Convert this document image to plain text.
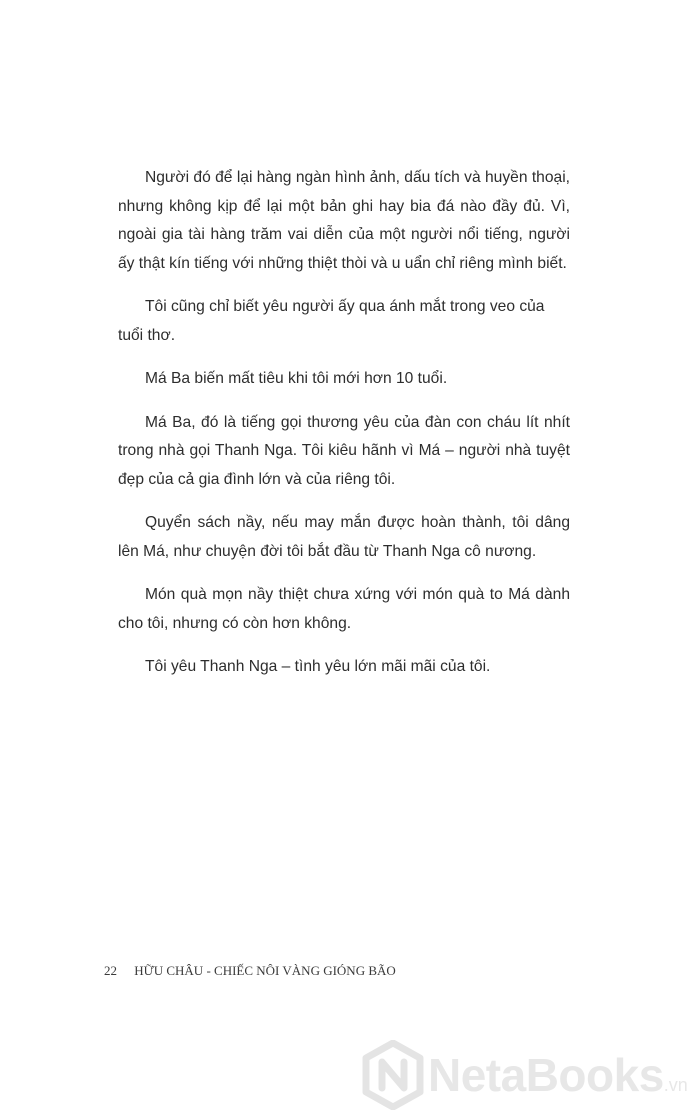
Người đó để lại hàng ngàn hình ảnh, dấu tích và huyền thoại, nhưng không kịp để lại một bản ghi hay bia đá nào đầy đủ. Vì, ngoài gia tài hàng trăm vai diễn của một người nổi tiếng, người ấy thật kín tiếng với những thiệt thòi và u uẩn chỉ riêng mình biết.

Tôi cũng chỉ biết yêu người ấy qua ánh mắt trong veo của tuổi thơ.

Má Ba biến mất tiêu khi tôi mới hơn 10 tuổi.

Má Ba, đó là tiếng gọi thương yêu của đàn con cháu lít nhít trong nhà gọi Thanh Nga. Tôi kiêu hãnh vì Má – người nhà tuyệt đẹp của cả gia đình lớn và của riêng tôi.

Quyển sách nầy, nếu may mắn được hoàn thành, tôi dâng lên Má, như chuyện đời tôi bắt đầu từ Thanh Nga cô nương.

Món quà mọn nầy thiệt chưa xứng với món quà to Má dành cho tôi, nhưng có còn hơn không.

Tôi yêu Thanh Nga – tình yêu lớn mãi mãi của tôi.

22 HỮU CHÂU - CHIẾC NÔI VÀNG GIÓNG BÃO
NetaBooks.vn
